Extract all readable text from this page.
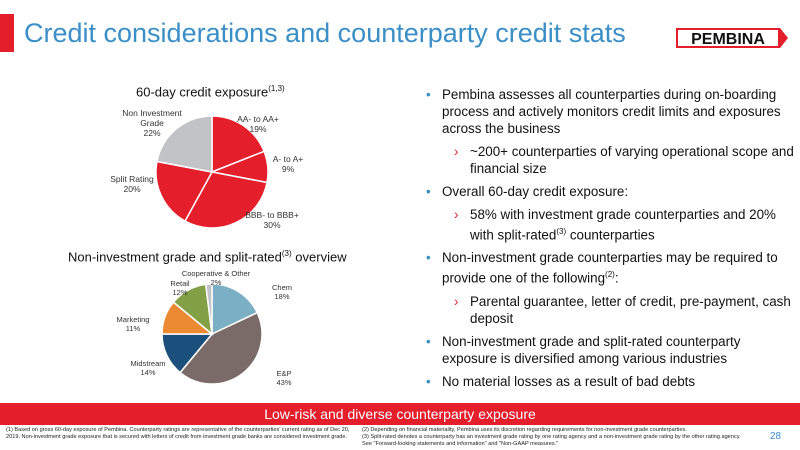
Credit considerations and counterparty credit stats	PEMBINA
60-day credit exposure$^{(1,3)}$
AA- to AA+ 19%
A- to A+ 9%
BBB- to BBB+ 30%
Split Rating 20%
Non Investment Grade 22%
Non-investment grade and split-rated$^{(3)}$ overview
Chem 18%
E&P 43%
Midstream 14%
Marketing 11%
Retail 12%
Cooperative & Other 2%
• Pembina assesses all counterparties during on-boarding process and actively monitors credit limits and exposures across the business
› ~200+ counterparties of varying operational scope and financial size
• Overall 60-day credit exposure:
› 58% with investment grade counterparties and 20% with split-rated$^{(3)}$ counterparties
• Non-investment grade counterparties may be required to provide one of the following$^{(2)}$:
› Parental guarantee, letter of credit, pre-payment, cash deposit
• Non-investment grade and split-rated counterparty exposure is diversified among various industries
• No material losses as a result of bad debts
Low-risk and diverse counterparty exposure
(1) Based on gross 60-day exposure of Pembina. Counterparty ratings are representative of the counterparties' current rating as of Dec 20, 2019. Non-investment grade exposure that is secured with letters of credit from investment grade banks are considered investment grade.
(2) Depending on financial materiality, Pembina uses its discretion regarding requirements for non-investment grade counterparties.
(3) Split-rated denotes a counterparty has an investment grade rating by one rating agency and a non-investment grade rating by the other rating agency.
See "Forward-looking statements and information" and "Non-GAAP measures."
28
